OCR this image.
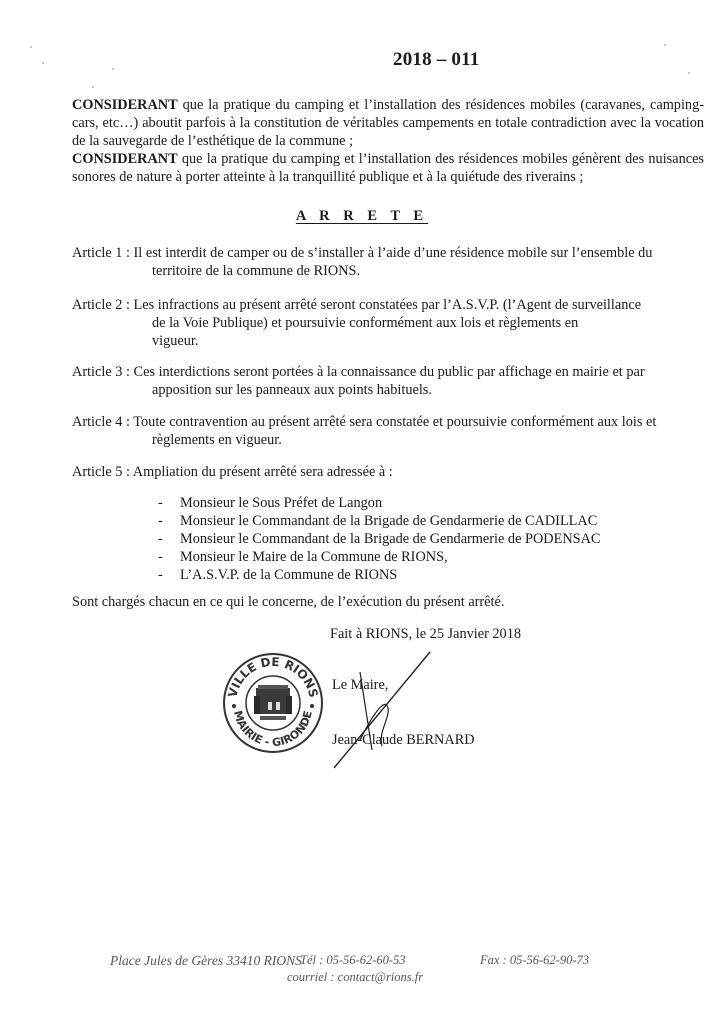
2018 – 011

CONSIDERANT que la pratique du camping et l’installation des résidences mobiles (caravanes, camping-cars, etc…) aboutit parfois à la constitution de véritables campements en totale contradiction avec la vocation de la sauvegarde de l’esthétique de la commune ;

CONSIDERANT que la pratique du camping et l’installation des résidences mobiles génèrent des nuisances sonores de nature à porter atteinte à la tranquillité publique et à la quiétude des riverains ;

A R R E T E
Article 1 : Il est interdit de camper ou de s’installer à l’aide d’une résidence mobile sur l’ensemble du
territoire de la commune de RIONS.
Article 2 : Les infractions au présent arrêté seront constatées par l’A.S.V.P. (l’Agent de surveillance
de la Voie Publique) et poursuivie conformément aux lois et règlements en
vigueur.
Article 3 : Ces interdictions seront portées à la connaissance du public par affichage en mairie et par
apposition sur les panneaux aux points habituels.
Article 4 : Toute contravention au présent arrêté sera constatée et poursuivie conformément aux lois et
règlements en vigueur.
Article 5 : Ampliation du présent arrêté sera adressée à :
-	Monsieur le Sous Préfet de Langon
-	Monsieur le Commandant de la Brigade de Gendarmerie de CADILLAC
-	Monsieur le Commandant de la Brigade de Gendarmerie de PODENSAC
-	Monsieur le Maire de la Commune de RIONS,
-	L’A.S.V.P. de la Commune de RIONS
Sont chargés chacun en ce qui le concerne, de l’exécution du présent arrêté.
Fait à RIONS, le 25 Janvier 2018
VILLE DE RIONS
MAIRIE - GIRONDE
Le Maire,
Jean-Claude BERNARD
Place Jules de Gères 33410 RIONS
Tél : 05-56-62-60-53	Fax : 05-56-62-90-73
courriel : contact@rions.fr
